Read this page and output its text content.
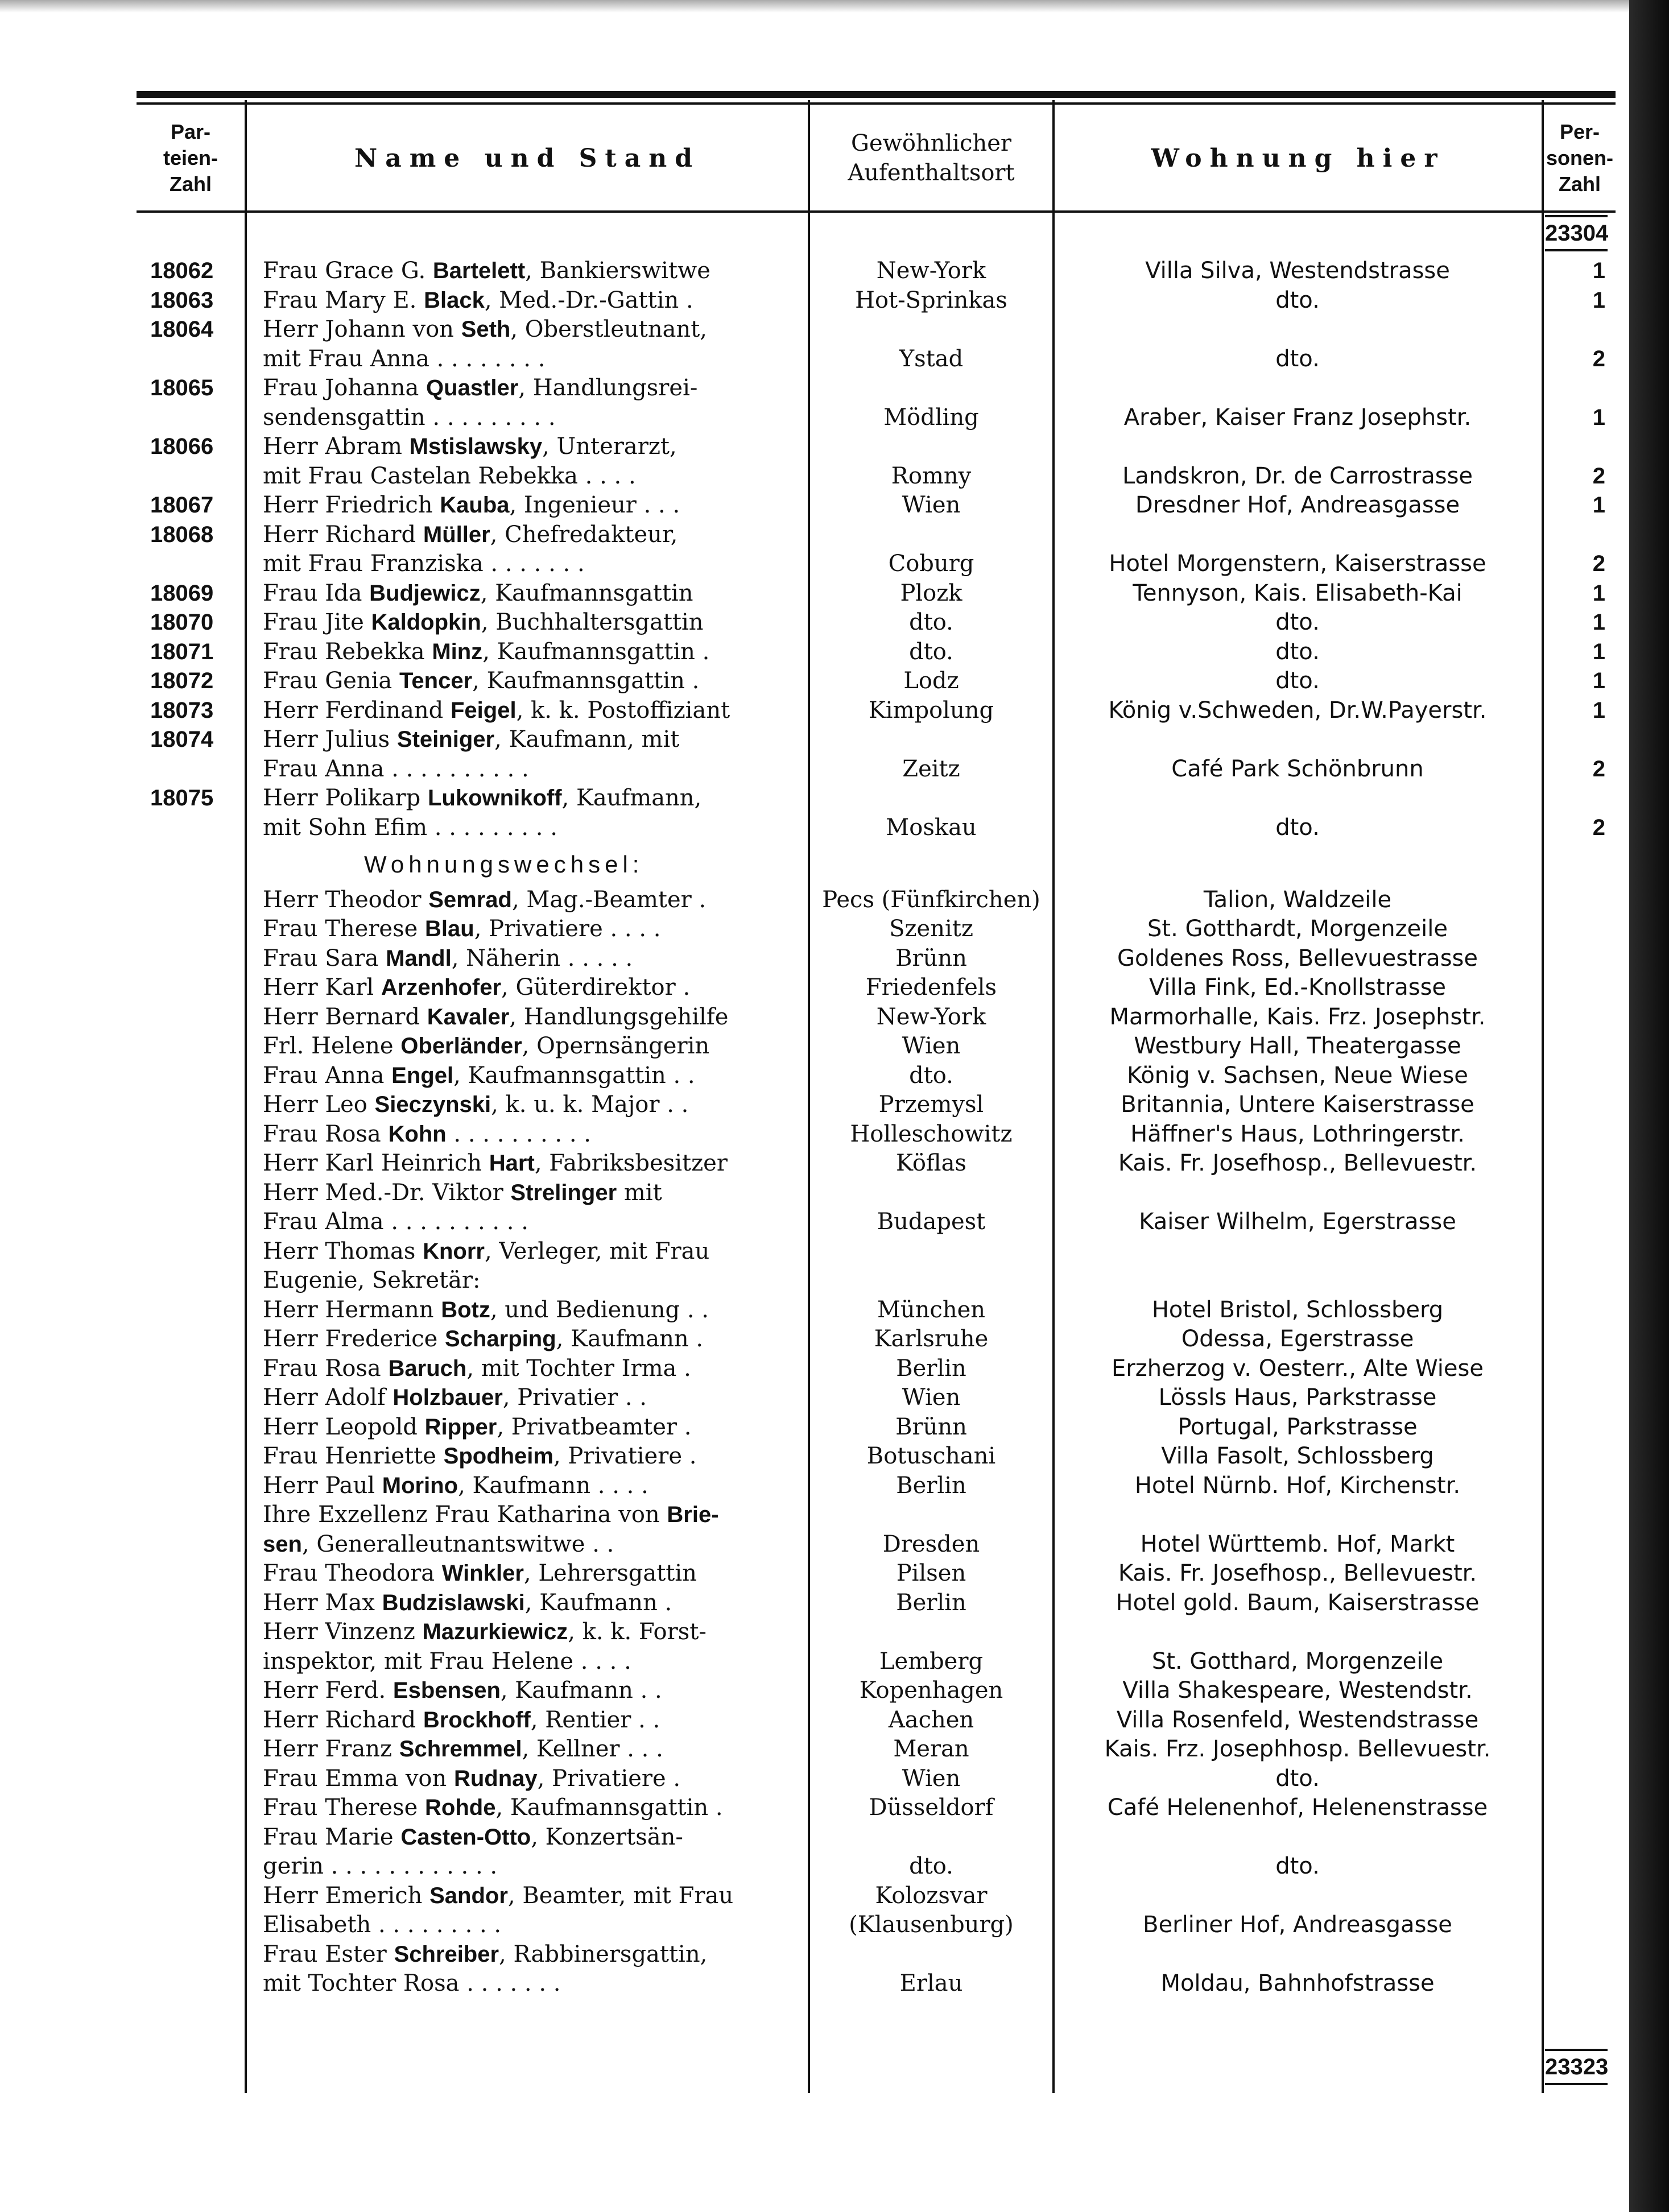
Par-
teien-
Zahl
Name und Stand
Gewöhnlicher
Aufenthaltsort
Wohnung hier
Per-
sonen-
Zahl
23304
18062	Frau Grace G. Bartelett, Bankierswitwe	New-York	Villa Silva, Westendstrasse	1
18063	Frau Mary E. Black, Med.-Dr.-Gattin .	Hot-Sprinkas	dto.	1
18064	Herr Johann von Seth, Oberstleutnant,
mit Frau Anna . . . . . . . .	Ystad	dto.	2
18065	Frau Johanna Quastler, Handlungsrei-
sendensgattin . . . . . . . . .	Mödling	Araber, Kaiser Franz Josephstr.	1
18066	Herr Abram Mstislawsky, Unterarzt,
mit Frau Castelan Rebekka . . . .	Romny	Landskron, Dr. de Carrostrasse	2
18067	Herr Friedrich Kauba, Ingenieur . . .	Wien	Dresdner Hof, Andreasgasse	1
18068	Herr Richard Müller, Chefredakteur,
mit Frau Franziska . . . . . . .	Coburg	Hotel Morgenstern, Kaiserstrasse	2
18069	Frau Ida Budjewicz, Kaufmannsgattin	Plozk	Tennyson, Kais. Elisabeth-Kai	1
18070	Frau Jite Kaldopkin, Buchhaltersgattin	dto.	dto.	1
18071	Frau Rebekka Minz, Kaufmannsgattin .	dto.	dto.	1
18072	Frau Genia Tencer, Kaufmannsgattin .	Lodz	dto.	1
18073	Herr Ferdinand Feigel, k. k. Postoffiziant	Kimpolung	König v.Schweden, Dr.W.Payerstr.	1
18074	Herr Julius Steiniger, Kaufmann, mit
Frau Anna . . . . . . . . . .	Zeitz	Café Park Schönbrunn	2
18075	Herr Polikarp Lukownikoff, Kaufmann,
mit Sohn Efim . . . . . . . . .	Moskau	dto.	2
Wohnungswechsel:
Herr Theodor Semrad, Mag.-Beamter .	Pecs (Fünfkirchen)	Talion, Waldzeile
Frau Therese Blau, Privatiere . . . .	Szenitz	St. Gotthardt, Morgenzeile
Frau Sara Mandl, Näherin . . . . .	Brünn	Goldenes Ross, Bellevuestrasse
Herr Karl Arzenhofer, Güterdirektor .	Friedenfels	Villa Fink, Ed.-Knollstrasse
Herr Bernard Kavaler, Handlungsgehilfe	New-York	Marmorhalle, Kais. Frz. Josephstr.
Frl. Helene Oberländer, Opernsängerin	Wien	Westbury Hall, Theatergasse
Frau Anna Engel, Kaufmannsgattin . .	dto.	König v. Sachsen, Neue Wiese
Herr Leo Sieczynski, k. u. k. Major . .	Przemysl	Britannia, Untere Kaiserstrasse
Frau Rosa Kohn . . . . . . . . . .	Holleschowitz	Häffner's Haus, Lothringerstr.
Herr Karl Heinrich Hart, Fabriksbesitzer	Köflas	Kais. Fr. Josefhosp., Bellevuestr.
Herr Med.-Dr. Viktor Strelinger mit
Frau Alma . . . . . . . . . .	Budapest	Kaiser Wilhelm, Egerstrasse
Herr Thomas Knorr, Verleger, mit Frau
Eugenie, Sekretär:
Herr Hermann Botz, und Bedienung . .	München	Hotel Bristol, Schlossberg
Herr Frederice Scharping, Kaufmann .	Karlsruhe	Odessa, Egerstrasse
Frau Rosa Baruch, mit Tochter Irma .	Berlin	Erzherzog v. Oesterr., Alte Wiese
Herr Adolf Holzbauer, Privatier . .	Wien	Lössls Haus, Parkstrasse
Herr Leopold Ripper, Privatbeamter .	Brünn	Portugal, Parkstrasse
Frau Henriette Spodheim, Privatiere .	Botuschani	Villa Fasolt, Schlossberg
Herr Paul Morino, Kaufmann . . . .	Berlin	Hotel Nürnb. Hof, Kirchenstr.
Ihre Exzellenz Frau Katharina von Brie-
sen, Generalleutnantswitwe . .	Dresden	Hotel Württemb. Hof, Markt
Frau Theodora Winkler, Lehrersgattin	Pilsen	Kais. Fr. Josefhosp., Bellevuestr.
Herr Max Budzislawski, Kaufmann .	Berlin	Hotel gold. Baum, Kaiserstrasse
Herr Vinzenz Mazurkiewicz, k. k. Forst-
inspektor, mit Frau Helene . . . .	Lemberg	St. Gotthard, Morgenzeile
Herr Ferd. Esbensen, Kaufmann . .	Kopenhagen	Villa Shakespeare, Westendstr.
Herr Richard Brockhoff, Rentier . .	Aachen	Villa Rosenfeld, Westendstrasse
Herr Franz Schremmel, Kellner . . .	Meran	Kais. Frz. Josephhosp. Bellevuestr.
Frau Emma von Rudnay, Privatiere .	Wien	dto.
Frau Therese Rohde, Kaufmannsgattin .	Düsseldorf	Café Helenenhof, Helenenstrasse
Frau Marie Casten-Otto, Konzertsän-
gerin . . . . . . . . . . . .	dto.	dto.
Herr Emerich Sandor, Beamter, mit Frau	Kolozsvar
Elisabeth . . . . . . . . .	(Klausenburg)	Berliner Hof, Andreasgasse
Frau Ester Schreiber, Rabbinersgattin,
mit Tochter Rosa . . . . . . .	Erlau	Moldau, Bahnhofstrasse
23323
